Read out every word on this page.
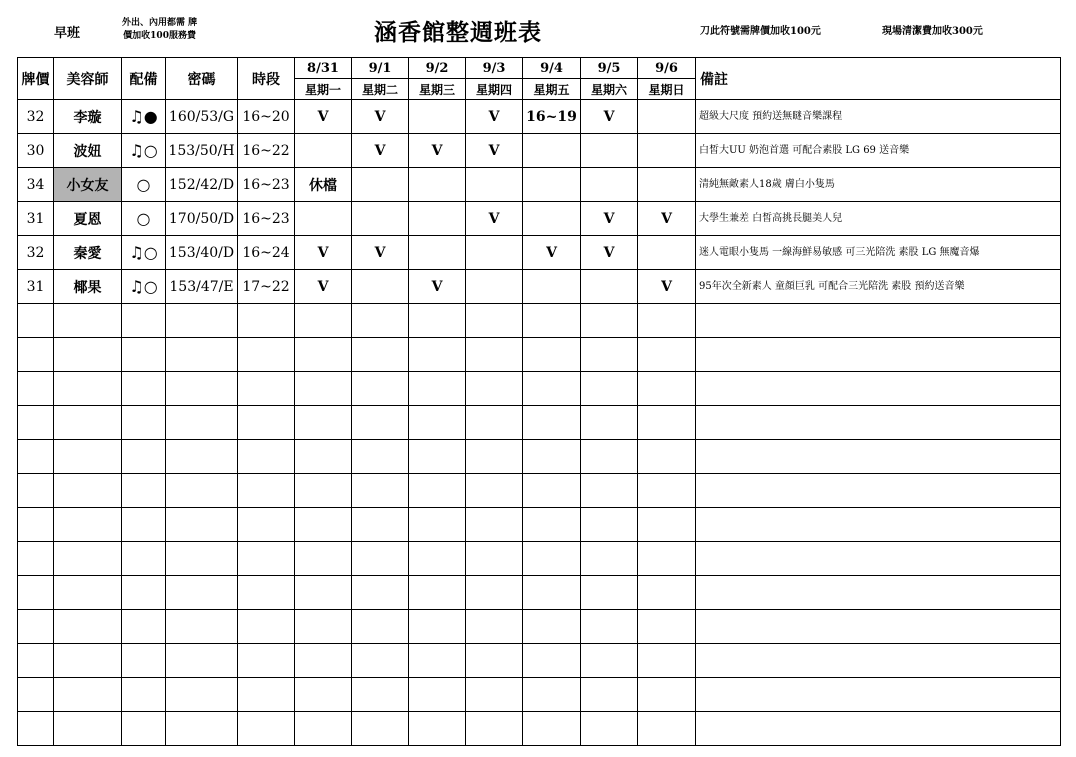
早班
外出、內用都需 牌
價加收100服務費	涵香館整週班表	刀此符號需牌價加收100元	現場清潔費加收300元
牌價	美容師	配備	密碼	時段	8/31	9/1	9/2	9/3	9/4	9/5	9/6	備註
					星期一	星期二	星期三	星期四	星期五	星期六	星期日	
32	李璇	♫●	160/53/G	16~20	V	V		V	16~19	V		超級大尺度 預約送無瞇音樂課程
30	波妞	♫○	153/50/H	16~22		V	V	V				白皙大UU 奶泡首選 可配合素股 LG 69 送音樂
34	小女友	○	152/42/D	16~23	休檔							清純無敵素人18歲 膚白小隻馬
31	夏恩	○	170/50/D	16~23				V		V	V	大學生兼差 白皙高挑長腿美人兒
32	秦愛	♫○	153/40/D	16~24	V	V			V	V		迷人電眼小隻馬 一線海鮮易敏感 可三光陪洗 素股 LG 無魔音爆
31	椰果	♫○	153/47/E	17~22	V		V				V	95年次全新素人 童顏巨乳 可配合三光陪洗 素股 預約送音樂
